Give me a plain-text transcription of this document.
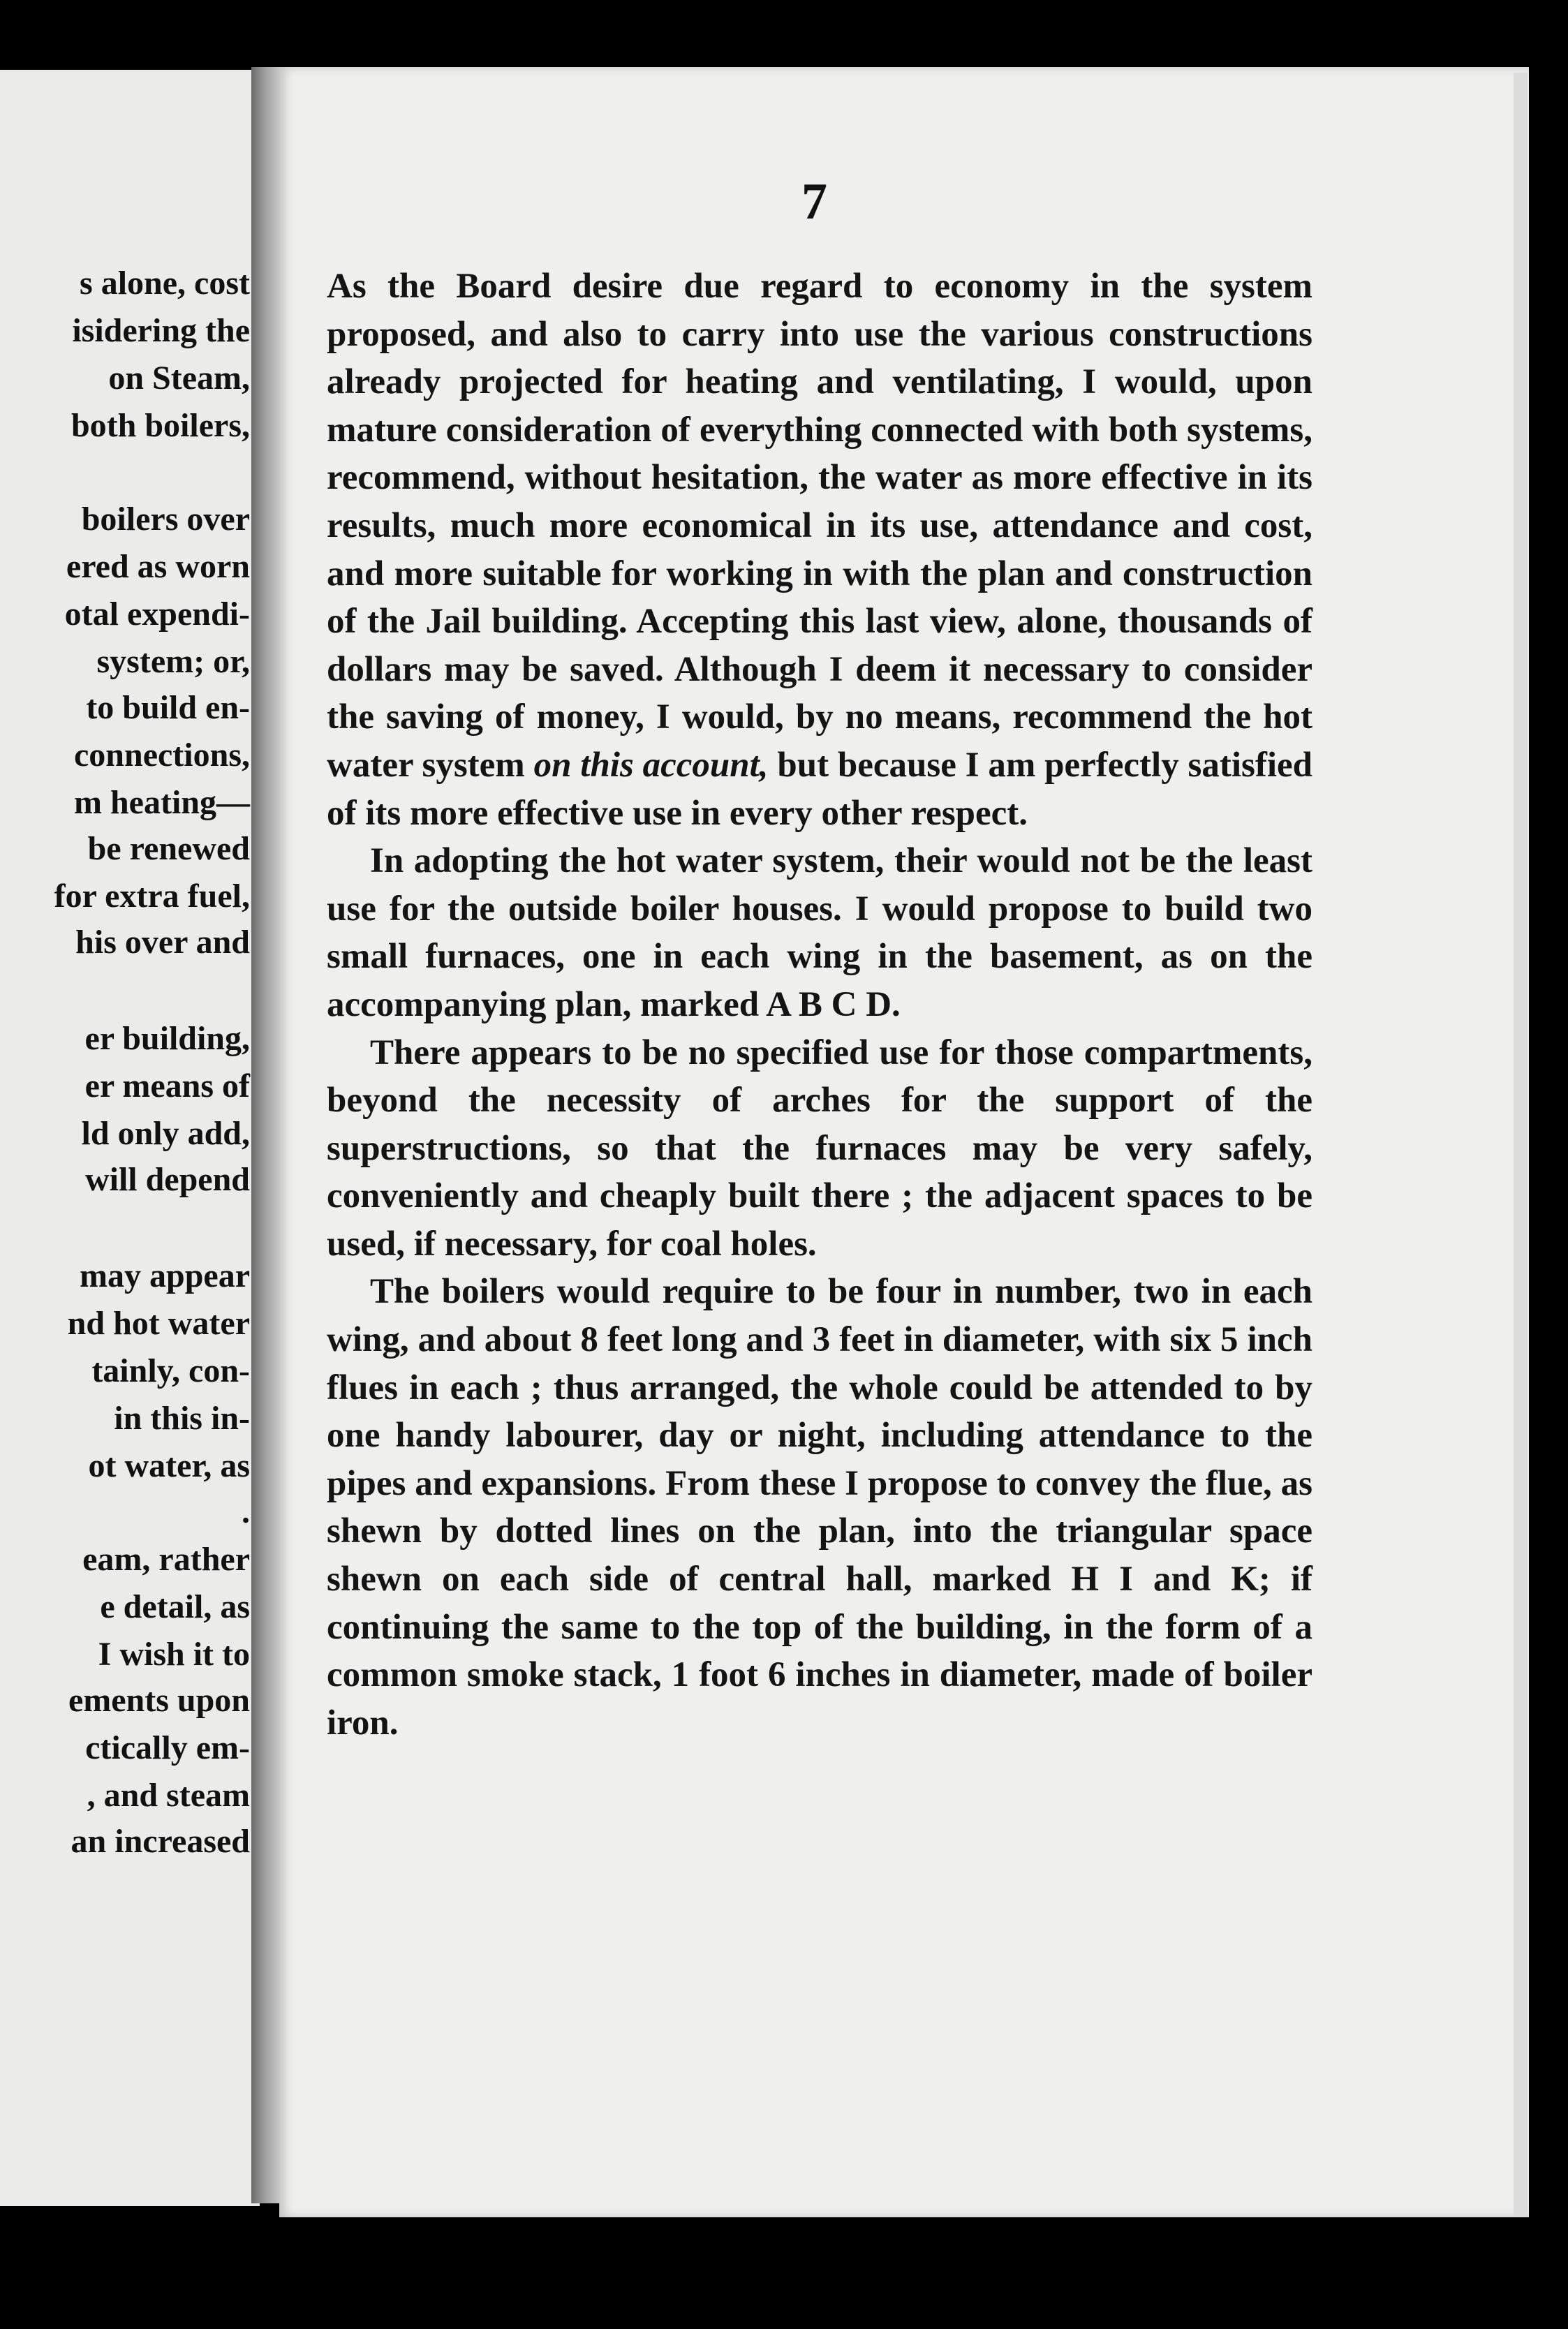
s alone, cost
isidering the
on Steam,
both boilers,
boilers over
ered as worn
otal expendi-
system; or,
to build en-
connections,
m heating—
be renewed
for extra fuel,
his over and
er building,
er means of
ld only add,
will depend
may appear
nd hot water
tainly, con-
in this in-
ot water, as
.
eam, rather
e detail, as
I wish it to
ements upon
ctically em-
, and steam
an increased
7

As the Board desire due regard to economy in the system proposed, and also to carry into use the various constructions already projected for heating and ventilating, I would, upon mature consideration of everything connected with both systems, recommend, without hesitation, the water as more effective in its results, much more economical in its use, attendance and cost, and more suitable for working in with the plan and construction of the Jail building. Accepting this last view, alone, thousands of dollars may be saved. Although I deem it necessary to consider the saving of money, I would, by no means, recommend the hot water system on this account, but because I am perfectly satisfied of its more effective use in every other respect.

In adopting the hot water system, their would not be the least use for the outside boiler houses. I would propose to build two small furnaces, one in each wing in the basement, as on the accompanying plan, marked A B C D.

There appears to be no specified use for those compartments, beyond the necessity of arches for the support of the superstructions, so that the furnaces may be very safely, conveniently and cheaply built there ; the adjacent spaces to be used, if necessary, for coal holes.

The boilers would require to be four in number, two in each wing, and about 8 feet long and 3 feet in diameter, with six 5 inch flues in each ; thus arranged, the whole could be attended to by one handy labourer, day or night, including attendance to the pipes and expansions. From these I propose to convey the flue, as shewn by dotted lines on the plan, into the triangular space shewn on each side of central hall, marked H I and K; if continuing the same to the top of the building, in the form of a common smoke stack, 1 foot 6 inches in diameter, made of boiler iron.
